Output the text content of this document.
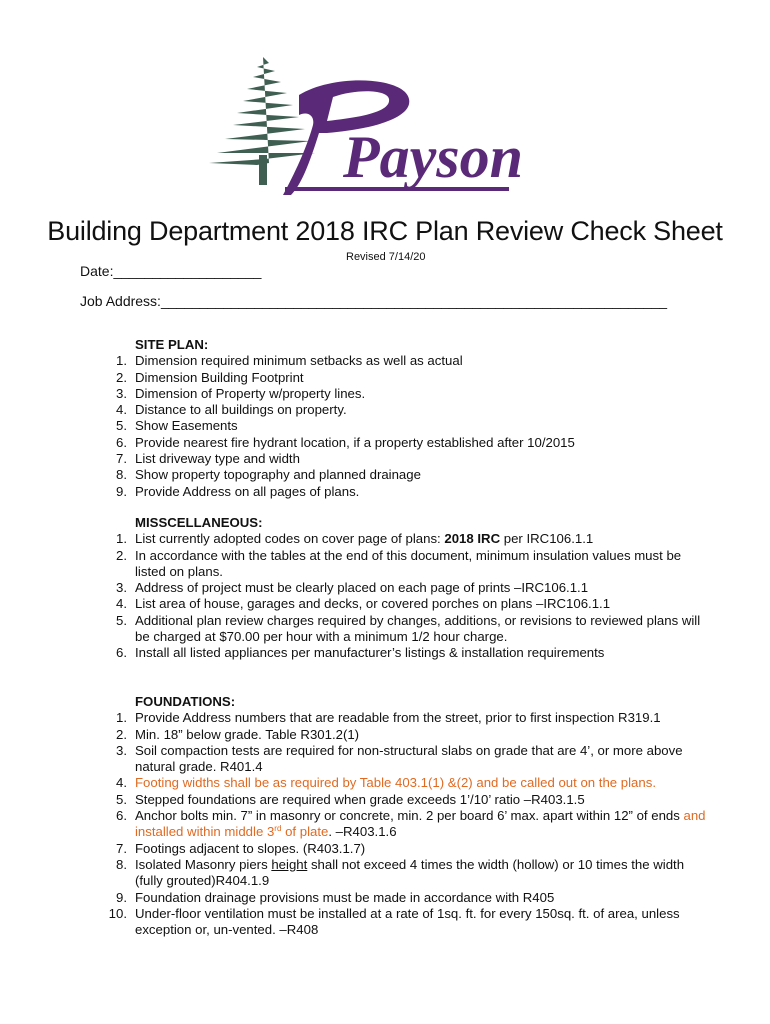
Payson
Building Department 2018 IRC Plan Review Check Sheet
Revised 7/14/20
Date:___________________
Job Address:_________________________________________________________________
SITE PLAN:
1. Dimension required minimum setbacks as well as actual
2. Dimension Building Footprint
3. Dimension of Property w/property lines.
4. Distance to all buildings on property.
5. Show Easements
6. Provide nearest fire hydrant location, if a property established after 10/2015
7. List driveway type and width
8. Show property topography and planned drainage
9. Provide Address on all pages of plans.
MISSCELLANEOUS:
1. List currently adopted codes on cover page of plans: 2018 IRC per IRC106.1.1
2. In accordance with the tables at the end of this document, minimum insulation values must be listed on plans.
3. Address of project must be clearly placed on each page of prints –IRC106.1.1
4. List area of house, garages and decks, or covered porches on plans –IRC106.1.1
5. Additional plan review charges required by changes, additions, or revisions to reviewed plans will be charged at $70.00 per hour with a minimum 1/2 hour charge.
6. Install all listed appliances per manufacturer’s listings & installation requirements
FOUNDATIONS:
1. Provide Address numbers that are readable from the street, prior to first inspection R319.1
2. Min. 18” below grade. Table R301.2(1)
3. Soil compaction tests are required for non-structural slabs on grade that are 4’, or more above natural grade. R401.4
4. Footing widths shall be as required by Table 403.1(1) &(2) and be called out on the plans.
5. Stepped foundations are required when grade exceeds 1’/10’ ratio –R403.1.5
6. Anchor bolts min. 7” in masonry or concrete, min. 2 per board 6’ max. apart within 12” of ends and installed within middle 3rd of plate. –R403.1.6
7. Footings adjacent to slopes. (R403.1.7)
8. Isolated Masonry piers height shall not exceed 4 times the width (hollow) or 10 times the width (fully grouted)R404.1.9
9. Foundation drainage provisions must be made in accordance with R405
10. Under-floor ventilation must be installed at a rate of 1sq. ft. for every 150sq. ft. of area, unless exception or, un-vented. –R408
